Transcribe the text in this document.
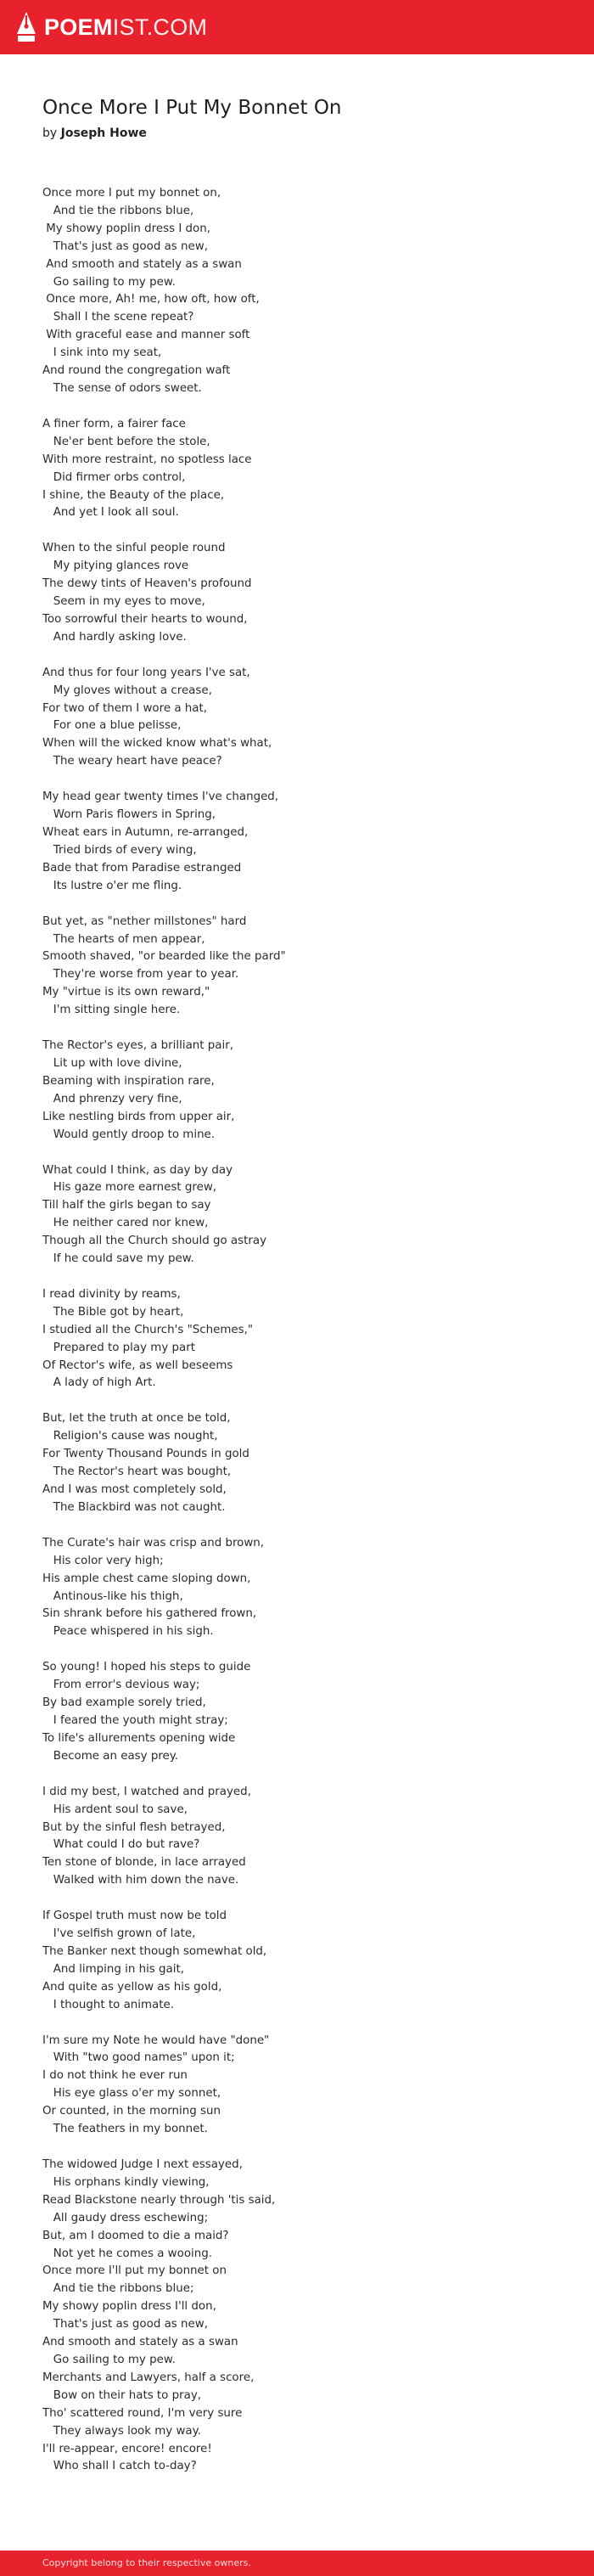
POEMIST.COM
Once More I Put My Bonnet On
by Joseph Howe
Once more I put my bonnet on,
And tie the ribbons blue,
My showy poplin dress I don,
That's just as good as new,
And smooth and stately as a swan
Go sailing to my pew.
Once more, Ah! me, how oft, how oft,
Shall I the scene repeat?
With graceful ease and manner soft
I sink into my seat,
And round the congregation waft
The sense of odors sweet.
A finer form, a fairer face
Ne'er bent before the stole,
With more restraint, no spotless lace
Did firmer orbs control,
I shine, the Beauty of the place,
And yet I look all soul.
When to the sinful people round
My pitying glances rove
The dewy tints of Heaven's profound
Seem in my eyes to move,
Too sorrowful their hearts to wound,
And hardly asking love.
And thus for four long years I've sat,
My gloves without a crease,
For two of them I wore a hat,
For one a blue pelisse,
When will the wicked know what's what,
The weary heart have peace?
My head gear twenty times I've changed,
Worn Paris flowers in Spring,
Wheat ears in Autumn, re-arranged,
Tried birds of every wing,
Bade that from Paradise estranged
Its lustre o'er me fling.
But yet, as "nether millstones" hard
The hearts of men appear,
Smooth shaved, "or bearded like the pard"
They're worse from year to year.
My "virtue is its own reward,"
I'm sitting single here.
The Rector's eyes, a brilliant pair,
Lit up with love divine,
Beaming with inspiration rare,
And phrenzy very fine,
Like nestling birds from upper air,
Would gently droop to mine.
What could I think, as day by day
His gaze more earnest grew,
Till half the girls began to say
He neither cared nor knew,
Though all the Church should go astray
If he could save my pew.
I read divinity by reams,
The Bible got by heart,
I studied all the Church's "Schemes,"
Prepared to play my part
Of Rector's wife, as well beseems
A lady of high Art.
But, let the truth at once be told,
Religion's cause was nought,
For Twenty Thousand Pounds in gold
The Rector's heart was bought,
And I was most completely sold,
The Blackbird was not caught.
The Curate's hair was crisp and brown,
His color very high;
His ample chest came sloping down,
Antinous-like his thigh,
Sin shrank before his gathered frown,
Peace whispered in his sigh.
So young! I hoped his steps to guide
From error's devious way;
By bad example sorely tried,
I feared the youth might stray;
To life's allurements opening wide
Become an easy prey.
I did my best, I watched and prayed,
His ardent soul to save,
But by the sinful flesh betrayed,
What could I do but rave?
Ten stone of blonde, in lace arrayed
Walked with him down the nave.
If Gospel truth must now be told
I've selfish grown of late,
The Banker next though somewhat old,
And limping in his gait,
And quite as yellow as his gold,
I thought to animate.
I'm sure my Note he would have "done"
With "two good names" upon it;
I do not think he ever run
His eye glass o'er my sonnet,
Or counted, in the morning sun
The feathers in my bonnet.
The widowed Judge I next essayed,
His orphans kindly viewing,
Read Blackstone nearly through 'tis said,
All gaudy dress eschewing;
But, am I doomed to die a maid?
Not yet he comes a wooing.
Once more I'll put my bonnet on
And tie the ribbons blue;
My showy poplin dress I'll don,
That's just as good as new,
And smooth and stately as a swan
Go sailing to my pew.
Merchants and Lawyers, half a score,
Bow on their hats to pray,
Tho' scattered round, I'm very sure
They always look my way.
I'll re-appear, encore! encore!
Who shall I catch to-day?
Copyright belong to their respective owners.
